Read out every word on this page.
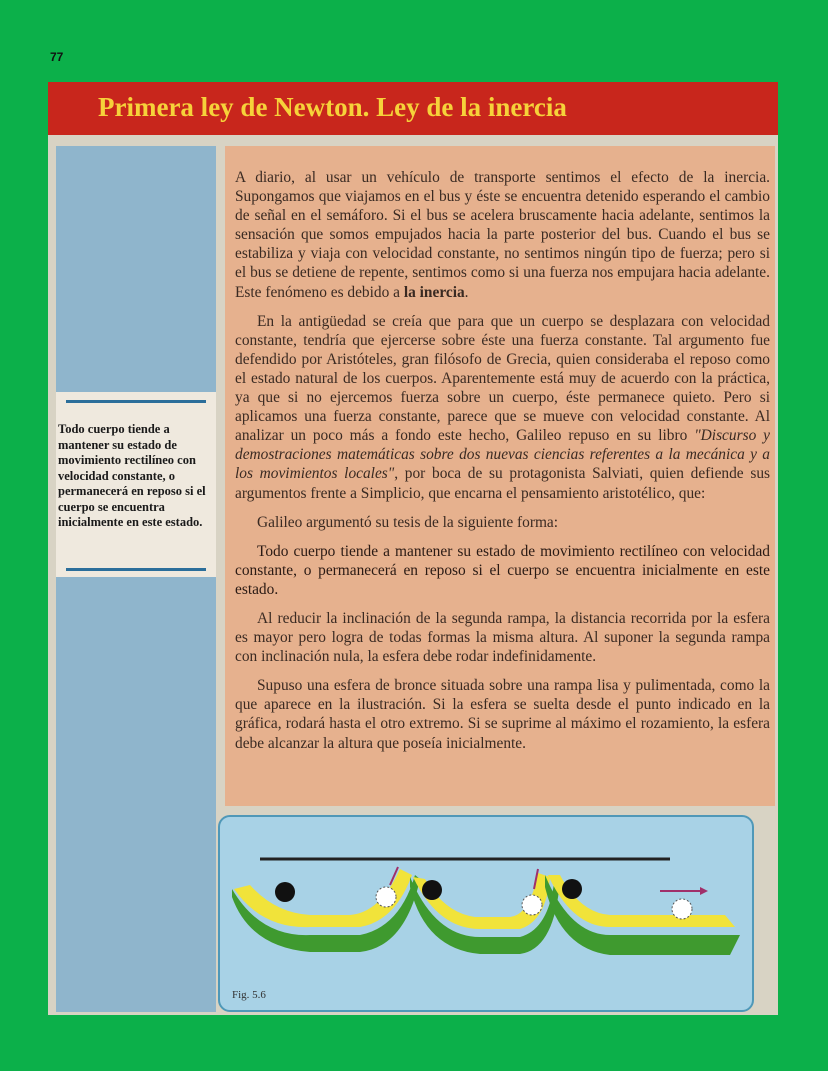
77
Primera ley de Newton. Ley de la inercia

Todo cuerpo tiende a mantener su estado de movimiento rectilíneo con velocidad constante, o permanecerá en reposo si el cuerpo se encuentra inicialmente en este estado.

A diario, al usar un vehículo de transporte sentimos el efecto de la inercia. Supongamos que viajamos en el bus y éste se encuentra detenido esperando el cambio de señal en el semáforo. Si el bus se acelera bruscamente hacia adelante, sentimos la sensación que somos empujados hacia la parte posterior del bus. Cuando el bus se estabiliza y viaja con velocidad constante, no sentimos ningún tipo de fuerza; pero si el bus se detiene de repente, sentimos como si una fuerza nos empujara hacia adelante. Este fenómeno es debido a la inercia.

En la antigüedad se creía que para que un cuerpo se desplazara con velocidad constante, tendría que ejercerse sobre éste una fuerza constante. Tal argumento fue defendido por Aristóteles, gran filósofo de Grecia, quien consideraba el reposo como el estado natural de los cuerpos. Aparentemente está muy de acuerdo con la práctica, ya que si no ejercemos fuerza sobre un cuerpo, éste permanece quieto. Pero si aplicamos una fuerza constante, parece que se mueve con velocidad constante. Al analizar un poco más a fondo este hecho, Galileo repuso en su libro "Discurso y demostraciones matemáticas sobre dos nuevas ciencias referentes a la mecánica y a los movimientos locales", por boca de su protagonista Salviati, quien defiende sus argumentos frente a Simplicio, que encarna el pensamiento aristotélico, que:

Galileo argumentó su tesis de la siguiente forma:

Todo cuerpo tiende a mantener su estado de movimiento rectilíneo con velocidad constante, o permanecerá en reposo si el cuerpo se encuentra inicialmente en este estado.

Al reducir la inclinación de la segunda rampa, la distancia recorrida por la esfera es mayor pero logra de todas formas la misma altura. Al suponer la segunda rampa con inclinación nula, la esfera debe rodar indefinidamente.

Supuso una esfera de bronce situada sobre una rampa lisa y pulimentada, como la que aparece en la ilustración. Si la esfera se suelta desde el punto indicado en la gráfica, rodará hasta el otro extremo. Si se suprime al máximo el rozamiento, la esfera debe alcanzar la altura que poseía inicialmente.

Fig. 5.6
